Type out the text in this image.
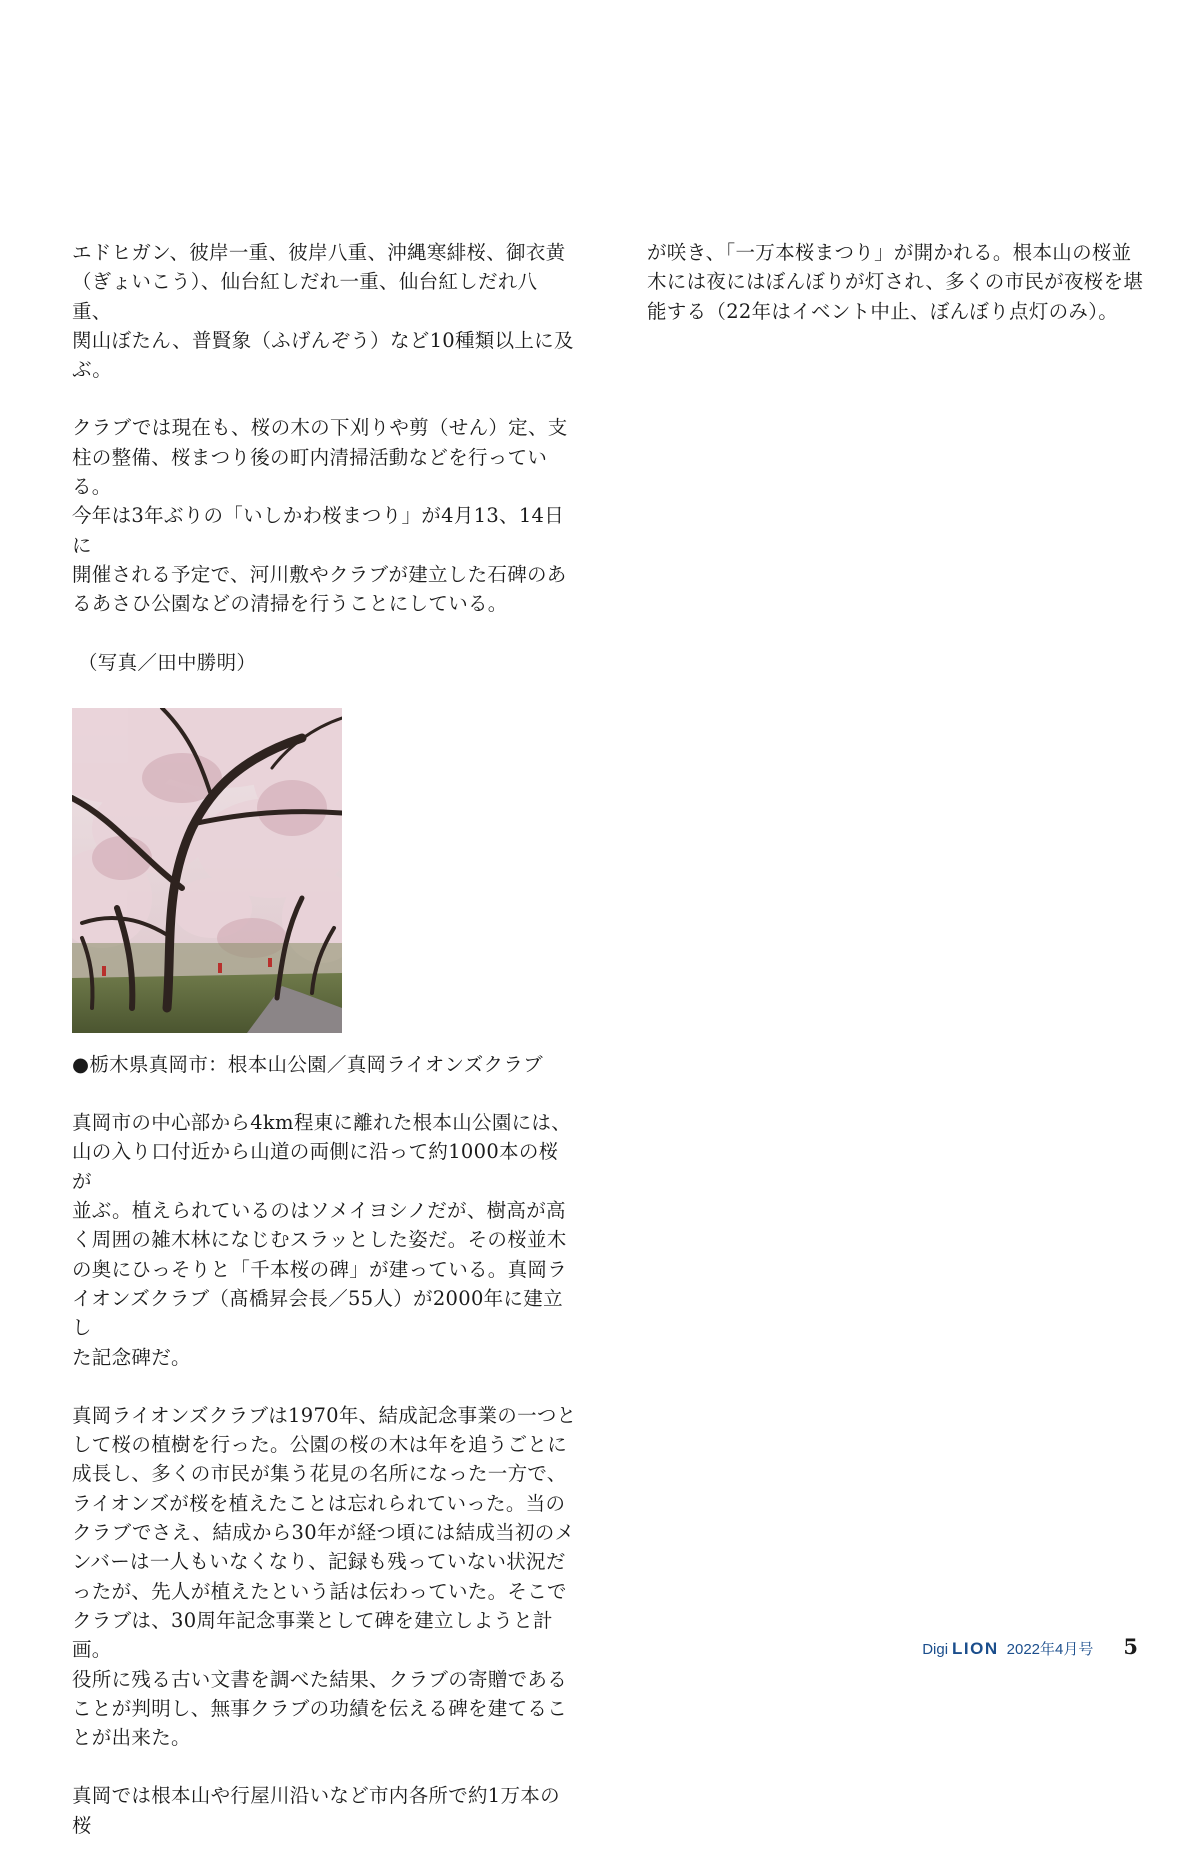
エドヒガン、彼岸一重、彼岸八重、沖縄寒緋桜、御衣黄
（ぎょいこう）、仙台紅しだれ一重、仙台紅しだれ八重、
関山ぼたん、普賢象（ふげんぞう）など10種類以上に及
ぶ。

クラブでは現在も、桜の木の下刈りや剪（せん）定、支
柱の整備、桜まつり後の町内清掃活動などを行っている。
今年は3年ぶりの「いしかわ桜まつり」が4月13、14日に
開催される予定で、河川敷やクラブが建立した石碑のあ
るあさひ公園などの清掃を行うことにしている。

（写真／田中勝明）

●栃木県真岡市：根本山公園／真岡ライオンズクラブ

真岡市の中心部から4km程東に離れた根本山公園には、
山の入り口付近から山道の両側に沿って約1000本の桜が
並ぶ。植えられているのはソメイヨシノだが、樹高が高
く周囲の雑木林になじむスラッとした姿だ。その桜並木
の奥にひっそりと「千本桜の碑」が建っている。真岡ラ
イオンズクラブ（髙橋昇会長／55人）が2000年に建立し
た記念碑だ。

真岡ライオンズクラブは1970年、結成記念事業の一つと
して桜の植樹を行った。公園の桜の木は年を追うごとに
成長し、多くの市民が集う花見の名所になった一方で、
ライオンズが桜を植えたことは忘れられていった。当の
クラブでさえ、結成から30年が経つ頃には結成当初のメ
ンバーは一人もいなくなり、記録も残っていない状況だ
ったが、先人が植えたという話は伝わっていた。そこで
クラブは、30周年記念事業として碑を建立しようと計画。
役所に残る古い文書を調べた結果、クラブの寄贈である
ことが判明し、無事クラブの功績を伝える碑を建てるこ
とが出来た。

真岡では根本山や行屋川沿いなど市内各所で約1万本の桜

が咲き、「一万本桜まつり」が開かれる。根本山の桜並
木には夜にはぼんぼりが灯され、多くの市民が夜桜を堪
能する（22年はイベント中止、ぼんぼり点灯のみ）。

Digi LION 2022年4月号 5
